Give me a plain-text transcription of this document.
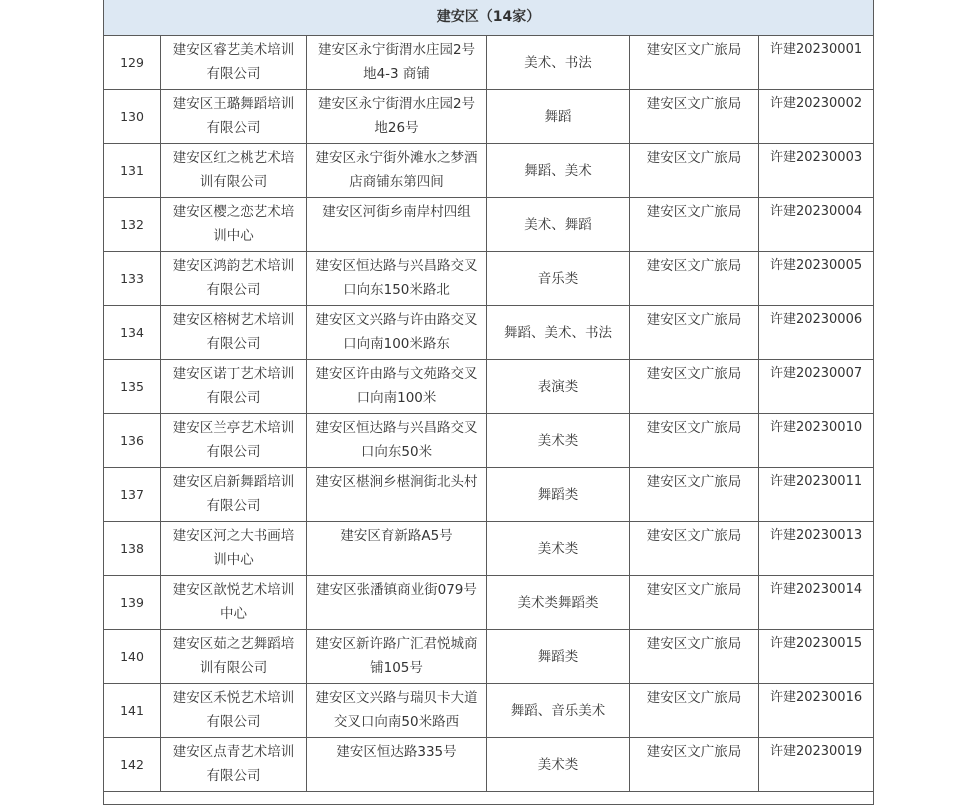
建安区（14家）					
129	建安区睿艺美术培训有限公司	建安区永宁街渭水庄园2号地4-3 商铺	美术、书法	建安区文广旅局	许建20230001
130	建安区王璐舞蹈培训有限公司	建安区永宁街渭水庄园2号地26号	舞蹈	建安区文广旅局	许建20230002
131	建安区红之桃艺术培训有限公司	建安区永宁街外滩水之梦酒店商铺东第四间	舞蹈、美术	建安区文广旅局	许建20230003
132	建安区樱之恋艺术培训中心	建安区河街乡南岸村四组	美术、舞蹈	建安区文广旅局	许建20230004
133	建安区鸿韵艺术培训有限公司	建安区恒达路与兴昌路交叉口向东150米路北	音乐类	建安区文广旅局	许建20230005
134	建安区榕树艺术培训有限公司	建安区文兴路与许由路交叉口向南100米路东	舞蹈、美术、书法	建安区文广旅局	许建20230006
135	建安区诺丁艺术培训有限公司	建安区许由路与文苑路交叉口向南100米	表演类	建安区文广旅局	许建20230007
136	建安区兰亭艺术培训有限公司	建安区恒达路与兴昌路交叉口向东50米	美术类	建安区文广旅局	许建20230010
137	建安区启新舞蹈培训有限公司	建安区椹涧乡椹涧街北头村	舞蹈类	建安区文广旅局	许建20230011
138	建安区河之大书画培训中心	建安区育新路A5号	美术类	建安区文广旅局	许建20230013
139	建安区歆悦艺术培训中心	建安区张潘镇商业街079号	美术类舞蹈类	建安区文广旅局	许建20230014
140	建安区茹之艺舞蹈培训有限公司	建安区新许路广汇君悦城商铺105号	舞蹈类	建安区文广旅局	许建20230015
141	建安区禾悦艺术培训有限公司	建安区文兴路与瑞贝卡大道交叉口向南50米路西	舞蹈、音乐美术	建安区文广旅局	许建20230016
142	建安区点青艺术培训有限公司	建安区恒达路335号	美术类	建安区文广旅局	许建20230019
